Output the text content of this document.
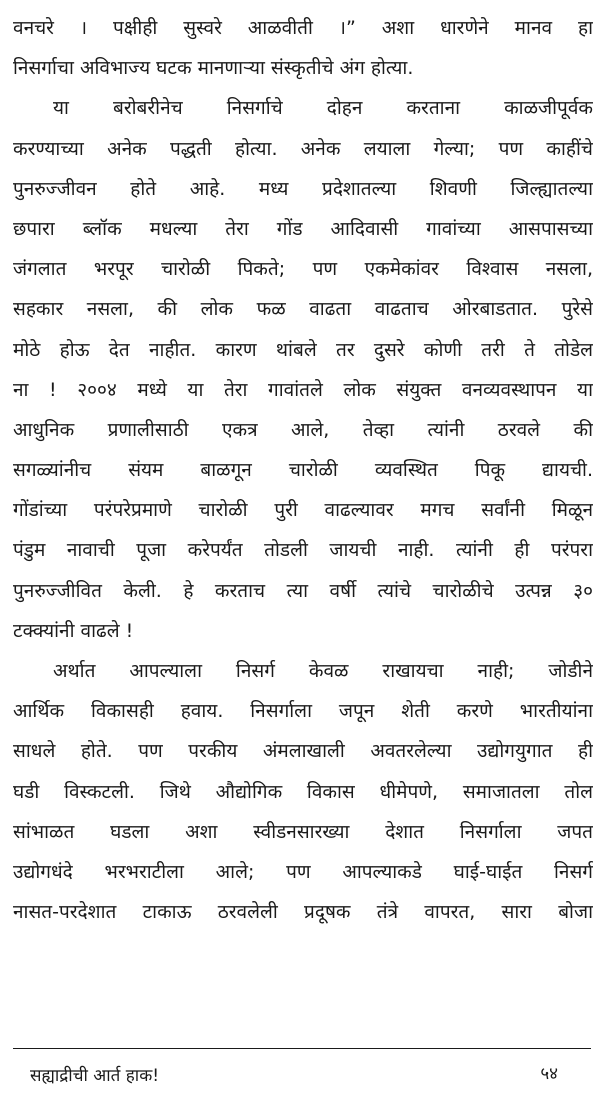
वनचरे । पक्षीही सुस्वरे आळवीती ।” अशा धारणेने मानव हा
निसर्गाचा अविभाज्य घटक मानणाऱ्या संस्कृतीचे अंग होत्या.
या बरोबरीनेच निसर्गाचे दोहन करताना काळजीपूर्वक
करण्याच्या अनेक पद्धती होत्या. अनेक लयाला गेल्या; पण काहींचे
पुनरुज्जीवन होते आहे. मध्य प्रदेशातल्या शिवणी जिल्ह्यातल्या
छपारा ब्लॉक मधल्या तेरा गोंड आदिवासी गावांच्या आसपासच्या
जंगलात भरपूर चारोळी पिकते; पण एकमेकांवर विश्वास नसला,
सहकार नसला, की लोक फळ वाढता वाढताच ओरबाडतात. पुरेसे
मोठे होऊ देत नाहीत. कारण थांबले तर दुसरे कोणी तरी ते तोडेल
ना ! २००४ मध्ये या तेरा गावांतले लोक संयुक्त वनव्यवस्थापन या
आधुनिक प्रणालीसाठी एकत्र आले, तेव्हा त्यांनी ठरवले की
सगळ्यांनीच संयम बाळगून चारोळी व्यवस्थित पिकू द्यायची.
गोंडांच्या परंपरेप्रमाणे चारोळी पुरी वाढल्यावर मगच सर्वांनी मिळून
पंडुम नावाची पूजा करेपर्यंत तोडली जायची नाही. त्यांनी ही परंपरा
पुनरुज्जीवित केली. हे करताच त्या वर्षी त्यांचे चारोळीचे उत्पन्न ३०
टक्क्यांनी वाढले !
अर्थात आपल्याला निसर्ग केवळ राखायचा नाही; जोडीने
आर्थिक विकासही हवाय. निसर्गाला जपून शेती करणे भारतीयांना
साधले होते. पण परकीय अंमलाखाली अवतरलेल्या उद्योगयुगात ही
घडी विस्कटली. जिथे औद्योगिक विकास धीमेपणे, समाजातला तोल
सांभाळत घडला अशा स्वीडनसारख्या देशात निसर्गाला जपत
उद्योगधंदे भरभराटीला आले; पण आपल्याकडे घाई-घाईत निसर्ग
नासत-परदेशात टाकाऊ ठरवलेली प्रदूषक तंत्रे वापरत, सारा बोजा
सह्याद्रीची आर्त हाक!	५४
